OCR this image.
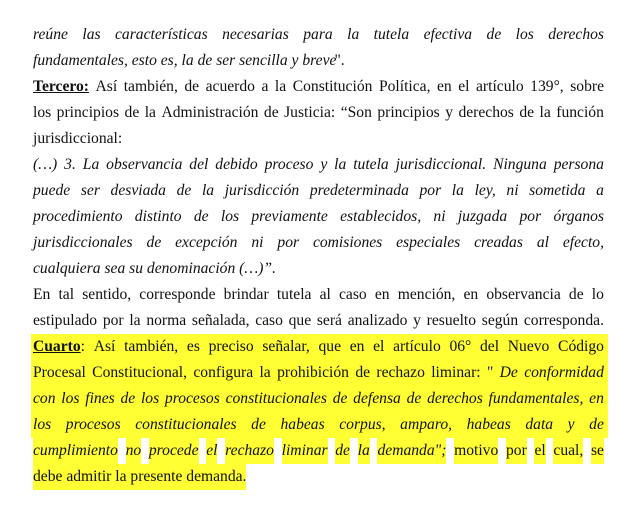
reúne las características necesarias para la tutela efectiva de los derechos
fundamentales, esto es, la de ser sencilla y breve
".
Tercero: Así también, de acuerdo a la Constitución Política, en el artículo 139°, sobre
los principios de la Administración de Justicia: “Son principios y derechos de la función
jurisdiccional:
(…) 3. La observancia del debido proceso y la tutela jurisdiccional. Ninguna persona
puede ser desviada de la jurisdicción predeterminada por la ley, ni sometida a
procedimiento distinto de los previamente establecidos, ni juzgada por órganos
jurisdiccionales de excepción ni por comisiones especiales creadas al efecto,
cualquiera sea su denominación (…)”.
En tal sentido, corresponde brindar tutela al caso en mención, en observancia de lo
estipulado por la norma señalada, caso que será analizado y resuelto según corresponda.
Cuarto: Así también, es preciso señalar, que en el artículo 06° del Nuevo Código
Procesal Constitucional, configura la prohibición de rechazo liminar: " De conformidad
con los fines de los procesos constitucionales de defensa de derechos fundamentales, en
los procesos constitucionales de habeas corpus, amparo, habeas data y de
cumplimiento no procede el rechazo liminar de la demanda"; motivo por el cual, se
debe admitir la presente demanda.
